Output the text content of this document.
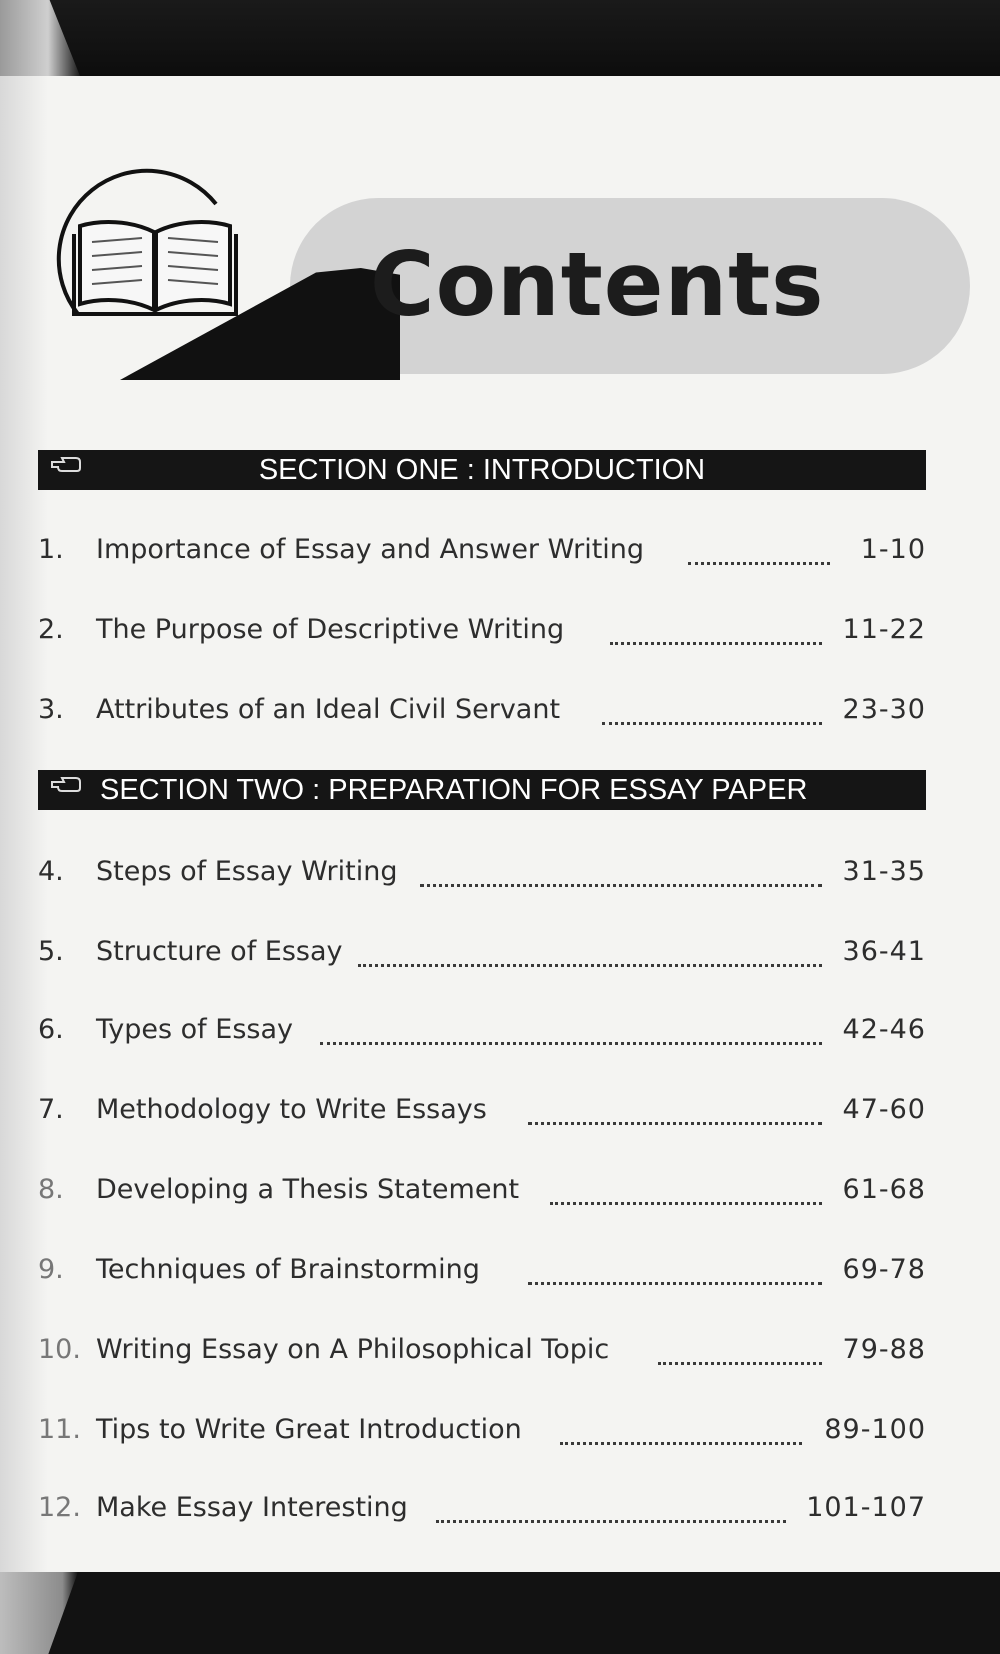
Contents
SECTION ONE : INTRODUCTION
1.	Importance of Essay and Answer Writing	1-10
2.	The Purpose of Descriptive Writing	11-22
3.	Attributes of an Ideal Civil Servant	23-30
SECTION TWO : PREPARATION FOR ESSAY PAPER
4.	Steps of Essay Writing	31-35
5.	Structure of Essay	36-41
6.	Types of Essay	42-46
7.	Methodology to Write Essays	47-60
8.	Developing a Thesis Statement	61-68
9.	Techniques of Brainstorming	69-78
10. Writing Essay on A Philosophical Topic	79-88
11. Tips to Write Great Introduction	89-100
12. Make Essay Interesting	101-107
